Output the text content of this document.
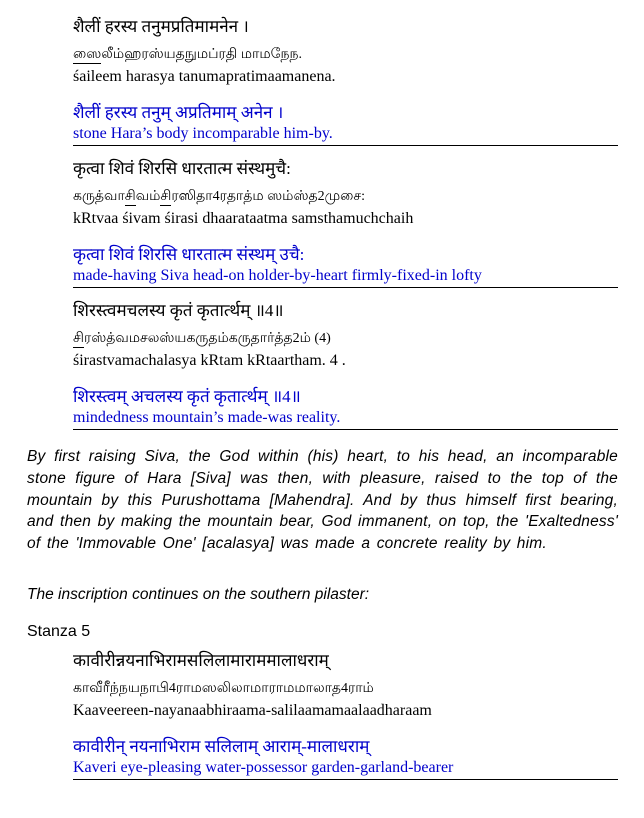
शैलीं हरस्य तनुमप्रतिमामनेन ।
ஸைலீம்ஹரஸ்யதநுமப்ரதி மாமநேந.
śaileem harasya tanumapratimaamanena.
शैलीं हरस्य तनुम् अप्रतिमाम् अनेन ।
stone Hara’s body incomparable him-by.
कृत्वा शिवं शिरसि धारतात्म संस्थमुचै:
கருத்வாசிவம்சிரஸிதா4ரதாத்ம ஸம்ஸ்த2முசை:
kRtvaa śivam śirasi dhaarataatma samsthamuchchaih
कृत्वा शिवं शिरसि धारतात्म संस्थम् उचै:
made-having Siva head-on holder-by-heart firmly-fixed-in lofty
शिरस्त्वमचलस्य कृतं कृतार्त्थम् ॥4॥
சிரஸ்த்வமசலஸ்யகருதம்கருதார்த்த2ம் (4)
śirastvamachalasya kRtam kRtaartham. 4 .
शिरस्त्वम् अचलस्य कृतं कृतार्त्थम् ॥4॥
mindedness mountain’s made-was reality.
By first raising Siva, the God within (his) heart, to his head, an incomparable stone figure of Hara [Siva] was then, with pleasure, raised to the top of the mountain by this Purushottama [Mahendra]. And by thus himself first bearing, and then by making the mountain bear, God immanent, on top, the 'Exaltedness' of the 'Immovable One' [acalasya] was made a concrete reality by him.
The inscription continues on the southern pilaster:
Stanza 5
कावीरीन्नयनाभिरामसलिलामाराममालाधराम्
காவீரீந்நயநாபி4ராமஸலிலாமாராமமாலாத4ராம்
Kaaveereen-nayanaabhiraama-salilaamamaalaadharaam
कावीरीन् नयनाभिराम सलिलाम् आराम्-मालाधराम्
Kaveri eye-pleasing water-possessor garden-garland-bearer
